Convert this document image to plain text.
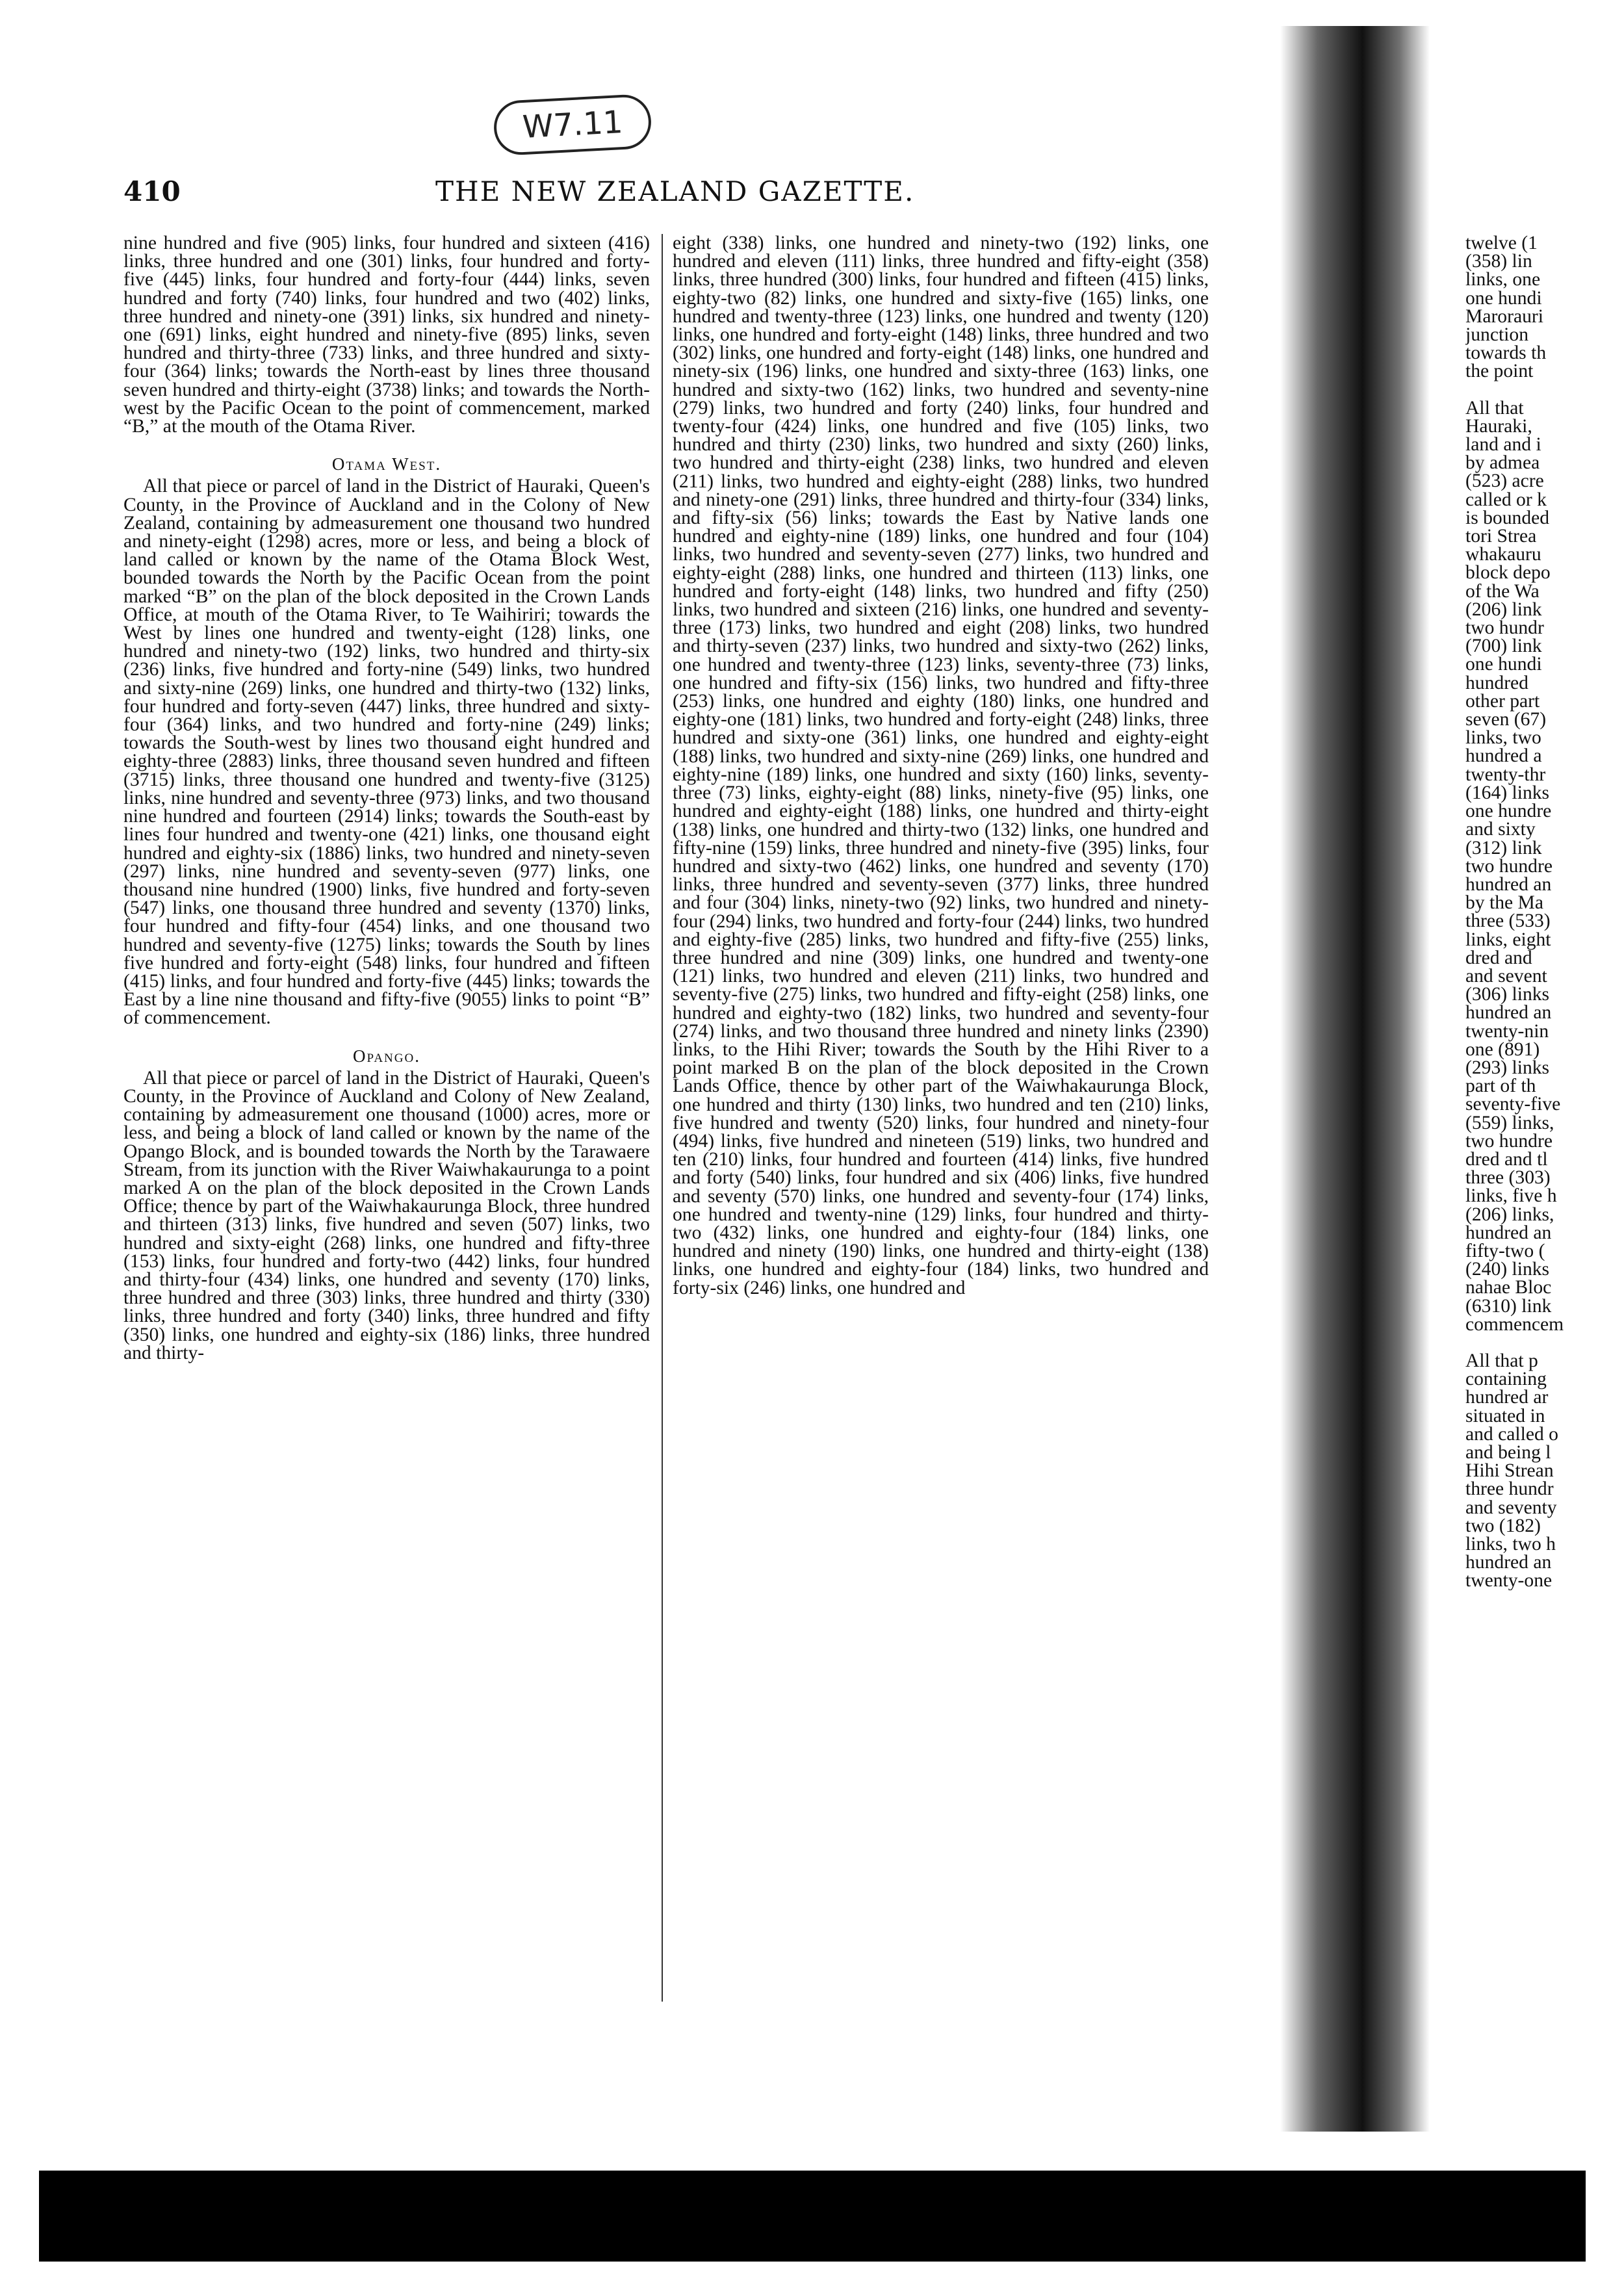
W7.11
410	THE NEW ZEALAND GAZETTE.

nine hundred and five (905) links, four hundred and sixteen (416) links, three hundred and one (301) links, four hundred and forty-five (445) links, four hundred and forty-four (444) links, seven hundred and forty (740) links, four hundred and two (402) links, three hundred and ninety-one (391) links, six hundred and ninety-one (691) links, eight hundred and ninety-five (895) links, seven hundred and thirty-three (733) links, and three hundred and sixty-four (364) links; towards the North-east by lines three thousand seven hundred and thirty-eight (3738) links; and towards the North-west by the Pacific Ocean to the point of commencement, marked “B,” at the mouth of the Otama River.

Otama West.

All that piece or parcel of land in the District of Hauraki, Queen's County, in the Province of Auckland and in the Colony of New Zealand, containing by admeasurement one thousand two hundred and ninety-eight (1298) acres, more or less, and being a block of land called or known by the name of the Otama Block West, bounded towards the North by the Pacific Ocean from the point marked “B” on the plan of the block deposited in the Crown Lands Office, at mouth of the Otama River, to Te Waihiriri; towards the West by lines one hundred and twenty-eight (128) links, one hundred and ninety-two (192) links, two hundred and thirty-six (236) links, five hundred and forty-nine (549) links, two hundred and sixty-nine (269) links, one hundred and thirty-two (132) links, four hundred and forty-seven (447) links, three hundred and sixty-four (364) links, and two hundred and forty-nine (249) links; towards the South-west by lines two thousand eight hundred and eighty-three (2883) links, three thousand seven hundred and fifteen (3715) links, three thousand one hundred and twenty-five (3125) links, nine hundred and seventy-three (973) links, and two thousand nine hundred and fourteen (2914) links; towards the South-east by lines four hundred and twenty-one (421) links, one thousand eight hundred and eighty-six (1886) links, two hundred and ninety-seven (297) links, nine hundred and seventy-seven (977) links, one thousand nine hundred (1900) links, five hundred and forty-seven (547) links, one thousand three hundred and seventy (1370) links, four hundred and fifty-four (454) links, and one thousand two hundred and seventy-five (1275) links; towards the South by lines five hundred and forty-eight (548) links, four hundred and fifteen (415) links, and four hundred and forty-five (445) links; towards the East by a line nine thousand and fifty-five (9055) links to point “B” of commencement.

Opango.

All that piece or parcel of land in the District of Hauraki, Queen's County, in the Province of Auckland and Colony of New Zealand, containing by admeasurement one thousand (1000) acres, more or less, and being a block of land called or known by the name of the Opango Block, and is bounded towards the North by the Tarawaere Stream, from its junction with the River Waiwhakaurunga to a point marked A on the plan of the block deposited in the Crown Lands Office; thence by part of the Waiwhakaurunga Block, three hundred and thirteen (313) links, five hundred and seven (507) links, two hundred and sixty-eight (268) links, one hundred and fifty-three (153) links, four hundred and forty-two (442) links, four hundred and thirty-four (434) links, one hundred and seventy (170) links, three hundred and three (303) links, three hundred and thirty (330) links, three hundred and forty (340) links, three hundred and fifty (350) links, one hundred and eighty-six (186) links, three hundred and thirty-

eight (338) links, one hundred and ninety-two (192) links, one hundred and eleven (111) links, three hundred and fifty-eight (358) links, three hundred (300) links, four hundred and fifteen (415) links, eighty-two (82) links, one hundred and sixty-five (165) links, one hundred and twenty-three (123) links, one hundred and twenty (120) links, one hundred and forty-eight (148) links, three hundred and two (302) links, one hundred and forty-eight (148) links, one hundred and ninety-six (196) links, one hundred and sixty-three (163) links, one hundred and sixty-two (162) links, two hundred and seventy-nine (279) links, two hundred and forty (240) links, four hundred and twenty-four (424) links, one hundred and five (105) links, two hundred and thirty (230) links, two hundred and sixty (260) links, two hundred and thirty-eight (238) links, two hundred and eleven (211) links, two hundred and eighty-eight (288) links, two hundred and ninety-one (291) links, three hundred and thirty-four (334) links, and fifty-six (56) links; towards the East by Native lands one hundred and eighty-nine (189) links, one hundred and four (104) links, two hundred and seventy-seven (277) links, two hundred and eighty-eight (288) links, one hundred and thirteen (113) links, one hundred and forty-eight (148) links, two hundred and fifty (250) links, two hundred and sixteen (216) links, one hundred and seventy-three (173) links, two hundred and eight (208) links, two hundred and thirty-seven (237) links, two hundred and sixty-two (262) links, one hundred and twenty-three (123) links, seventy-three (73) links, one hundred and fifty-six (156) links, two hundred and fifty-three (253) links, one hundred and eighty (180) links, one hundred and eighty-one (181) links, two hundred and forty-eight (248) links, three hundred and sixty-one (361) links, one hundred and eighty-eight (188) links, two hundred and sixty-nine (269) links, one hundred and eighty-nine (189) links, one hundred and sixty (160) links, seventy-three (73) links, eighty-eight (88) links, ninety-five (95) links, one hundred and eighty-eight (188) links, one hundred and thirty-eight (138) links, one hundred and thirty-two (132) links, one hundred and fifty-nine (159) links, three hundred and ninety-five (395) links, four hundred and sixty-two (462) links, one hundred and seventy (170) links, three hundred and seventy-seven (377) links, three hundred and four (304) links, ninety-two (92) links, two hundred and ninety-four (294) links, two hundred and forty-four (244) links, two hundred and eighty-five (285) links, two hundred and fifty-five (255) links, three hundred and nine (309) links, one hundred and twenty-one (121) links, two hundred and eleven (211) links, two hundred and seventy-five (275) links, two hundred and fifty-eight (258) links, one hundred and eighty-two (182) links, two hundred and seventy-four (274) links, and two thousand three hundred and ninety links (2390) links, to the Hihi River; towards the South by the Hihi River to a point marked B on the plan of the block deposited in the Crown Lands Office, thence by other part of the Waiwhakaurunga Block, one hundred and thirty (130) links, two hundred and ten (210) links, five hundred and twenty (520) links, four hundred and ninety-four (494) links, five hundred and nineteen (519) links, two hundred and ten (210) links, four hundred and fourteen (414) links, five hundred and forty (540) links, four hundred and six (406) links, five hundred and seventy (570) links, one hundred and seventy-four (174) links, one hundred and twenty-nine (129) links, four hundred and thirty-two (432) links, one hundred and eighty-four (184) links, one hundred and ninety (190) links, one hundred and thirty-eight (138) links, one hundred and eighty-four (184) links, two hundred and forty-six (246) links, one hundred and

twelve (1
(358) lin
links, one
one hundi
Marorauri
junction
towards th
the point
All that
Hauraki,
land and i
by admea
(523) acre
called or k
is bounded
tori Strea
whakauru
block depo
of the Wa
(206) link
two hundr
(700) link
one hundi
hundred
other part
seven (67)
links, two
hundred a
twenty-thr
(164) links
one hundre
and sixty
(312) link
two hundre
hundred an
by the Ma
three (533)
links, eight
dred and
and sevent
(306) links
hundred an
twenty-nin
one (891)
(293) links
part of th
seventy-five
(559) links,
two hundre
dred and tl
three (303)
links, five h
(206) links,
hundred an
fifty-two (
(240) links
nahae Bloc
(6310) link
commencem
All that p
containing
hundred ar
situated in
and called o
and being l
Hihi Strean
three hundr
and seventy
two (182)
links, two h
hundred an
twenty-one
